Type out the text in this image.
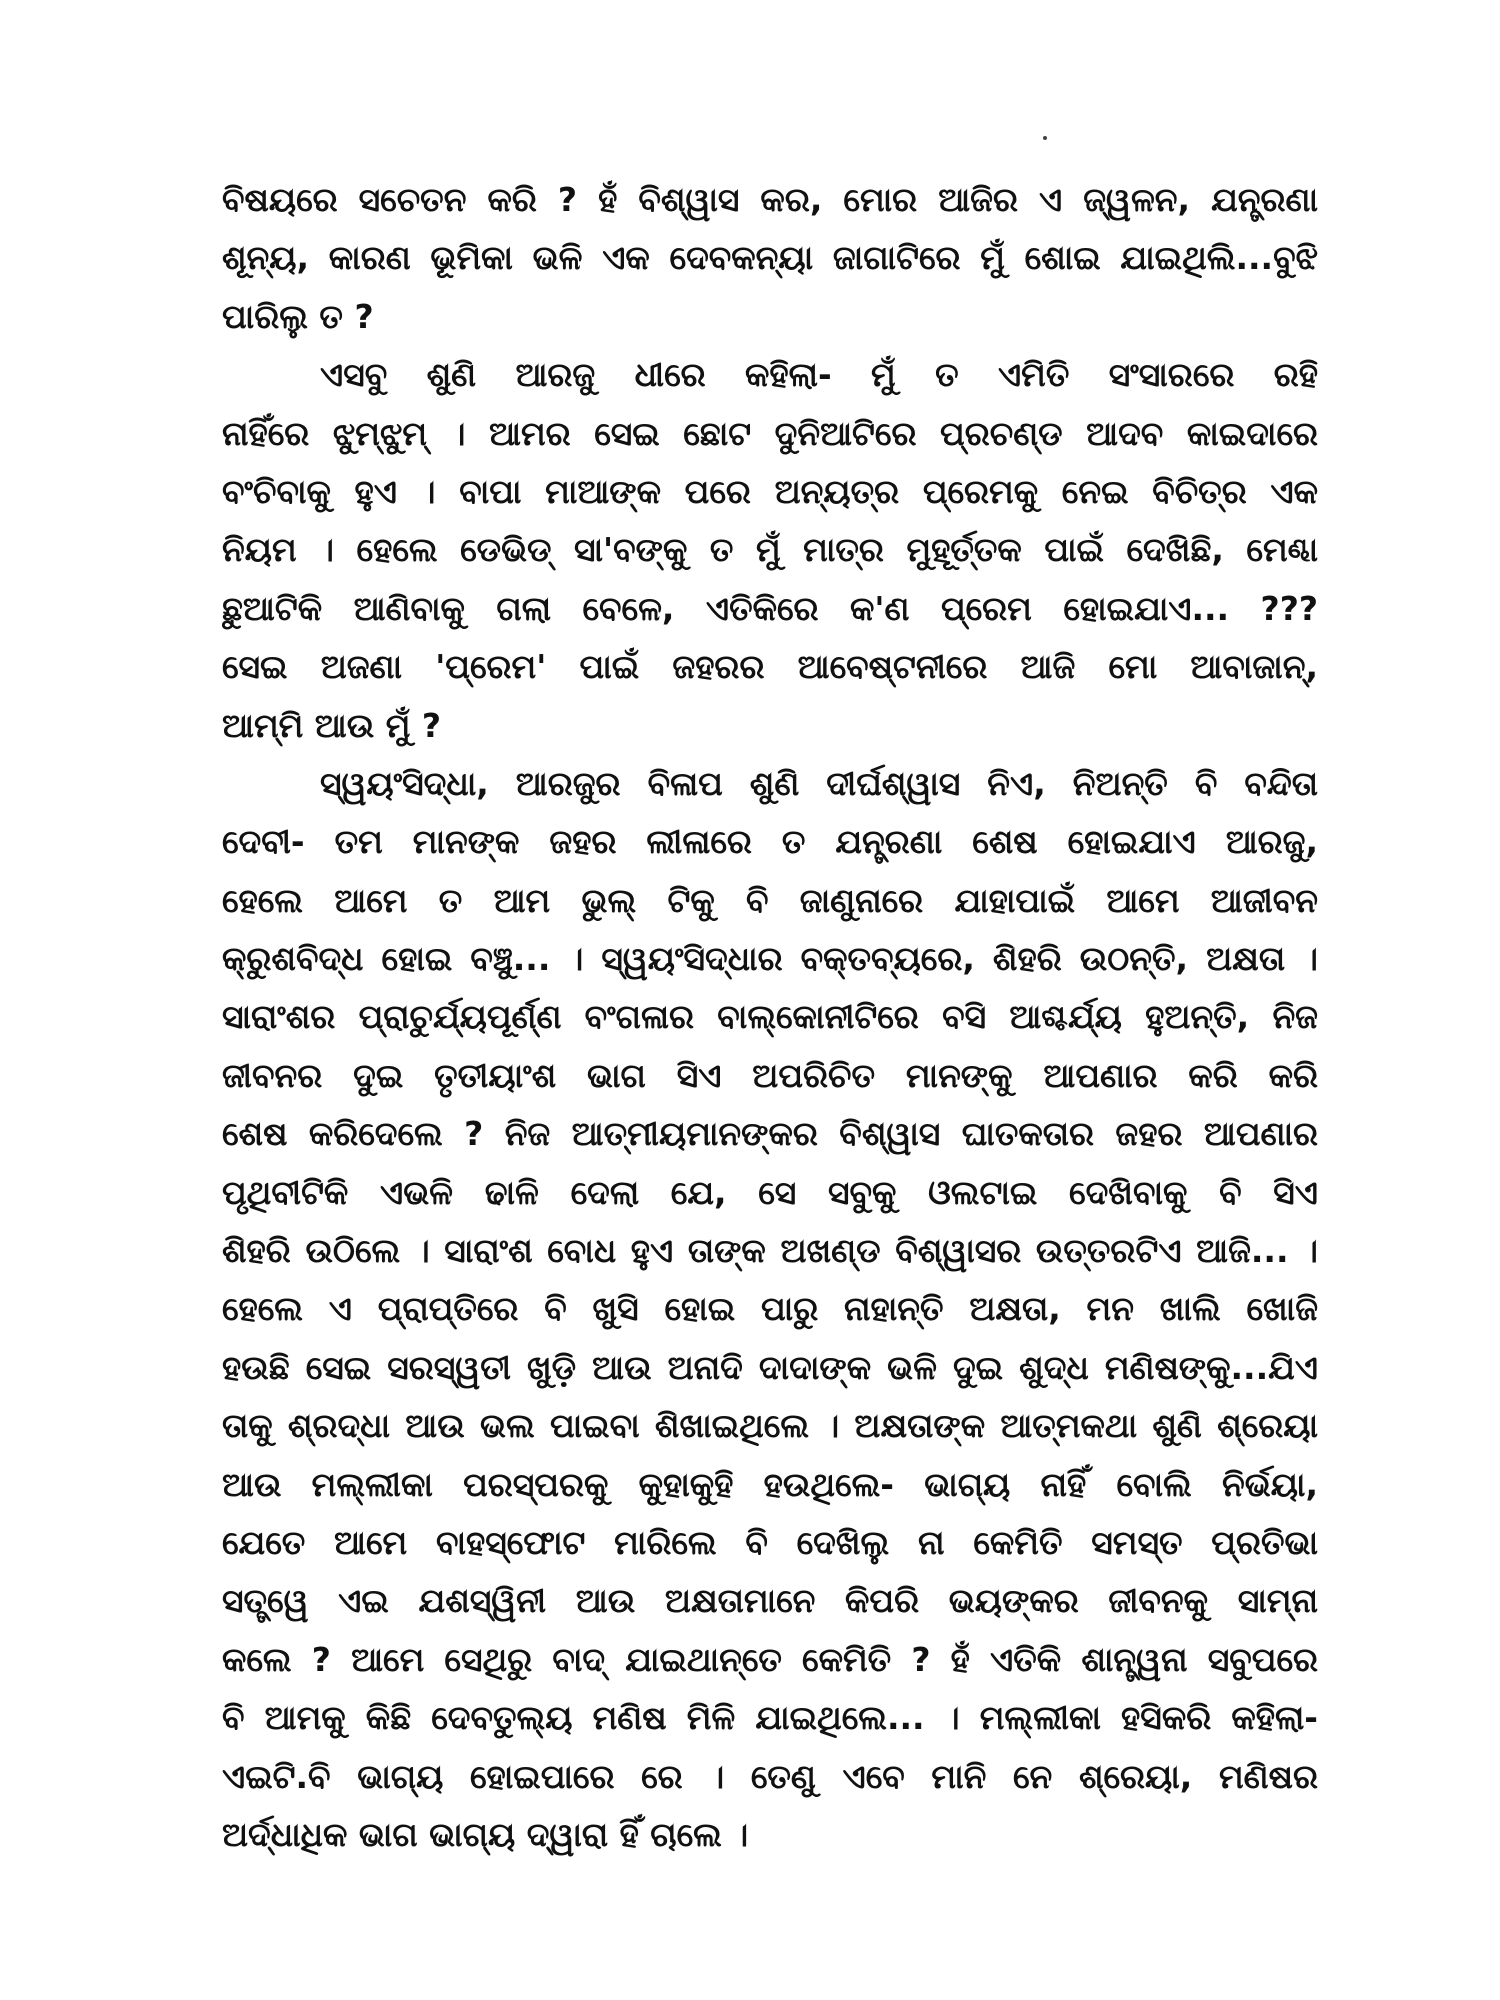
ବିଷୟରେ ସଚେତନ କରି ? ହଁ ବିଶ୍ୱାସ କର, ମୋର ଆଜିର ଏ ଜ୍ୱଳନ, ଯନ୍ତ୍ରଣା
ଶୂନ୍ୟ, କାରଣ ଭୂମିକା ଭଳି ଏକ ଦେବକନ୍ୟା ଜାଗାଟିରେ ମୁଁ ଶୋଇ ଯାଇଥିଲି...ବୁଝି
ପାରିଲୁ ତ ?
ଏସବୁ ଶୁଣି ଆରଜୁ ଧୀରେ କହିଲା- ମୁଁ ତ ଏମିତି ସଂସାରରେ ରହି
ନାହିଁରେ ଝୁମ୍‌ଝୁମ୍ । ଆମର ସେଇ ଛୋଟ ଦୁନିଆଟିରେ ପ୍ରଚଣ୍ଡ ଆଦବ କାଇଦାରେ
ବଂଚିବାକୁ ହୁଏ । ବାପା ମାଆଙ୍କ ପରେ ଅନ୍ୟତ୍ର ପ୍ରେମକୁ ନେଇ ବିଚିତ୍ର ଏକ
ନିୟମ । ହେଲେ ଡେଭିଡ୍ ସା'ବଙ୍କୁ ତ ମୁଁ ମାତ୍ର ମୁହୂର୍ତ୍ତକ ପାଇଁ ଦେଖିଛି, ମେଣ୍ଢା
ଛୁଆଟିକି ଆଣିବାକୁ ଗଲା ବେଳେ, ଏତିକିରେ କ'ଣ ପ୍ରେମ ହୋଇଯାଏ... ???
ସେଇ ଅଜଣା 'ପ୍ରେମ' ପାଇଁ ଜହରର ଆବେଷ୍ଟନୀରେ ଆଜି ମୋ ଆବାଜାନ୍,
ଆମ୍ମି ଆଉ ମୁଁ ?
ସ୍ୱୟଂସିଦ୍ଧା, ଆରଜୁର ବିଳାପ ଶୁଣି ଦୀର୍ଘଶ୍ୱାସ ନିଏ, ନିଅନ୍ତି ବି ବନ୍ଦିତା
ଦେବୀ- ତମ ମାନଙ୍କ ଜହର ଲୀଳାରେ ତ ଯନ୍ତ୍ରଣା ଶେଷ ହୋଇଯାଏ ଆରଜୁ,
ହେଲେ ଆମେ ତ ଆମ ଭୁଲ୍ ଟିକୁ ବି ଜାଣୁନାରେ ଯାହାପାଇଁ ଆମେ ଆଜୀବନ
କ୍ରୁଶବିଦ୍ଧ ହୋଇ ବଞ୍ଚୁ... । ସ୍ୱୟଂସିଦ୍ଧାର ବକ୍ତବ୍ୟରେ, ଶିହରି ଉଠନ୍ତି, ଅକ୍ଷତା ।
ସାରାଂଶର ପ୍ରାଚୁର୍ଯ୍ୟପୂର୍ଣ୍ଣ ବଂଗଳାର ବାଲ୍‌କୋନୀଟିରେ ବସି ଆଶ୍ଚର୍ଯ୍ୟ ହୁଅନ୍ତି, ନିଜ
ଜୀବନର ଦୁଇ ତୃତୀୟାଂଶ ଭାଗ ସିଏ ଅପରିଚିତ ମାନଙ୍କୁ ଆପଣାର କରି କରି
ଶେଷ କରିଦେଲେ ? ନିଜ ଆତ୍ମୀୟମାନଙ୍କର ବିଶ୍ୱାସ ଘାତକତାର ଜହର ଆପଣାର
ପୃଥିବୀଟିକି ଏଭଳି ଢାଳି ଦେଲା ଯେ, ସେ ସବୁକୁ ଓଲଟାଇ ଦେଖିବାକୁ ବି ସିଏ
ଶିହରି ଉଠିଲେ । ସାରାଂଶ ବୋଧ ହୁଏ ତାଙ୍କ ଅଖଣ୍ଡ ବିଶ୍ୱାସର ଉତ୍ତରଟିଏ ଆଜି... ।
ହେଲେ ଏ ପ୍ରାପ୍ତିରେ ବି ଖୁସି ହୋଇ ପାରୁ ନାହାନ୍ତି ଅକ୍ଷତା, ମନ ଖାଲି ଖୋଜି
ହଉଛି ସେଇ ସରସ୍ୱତୀ ଖୁଡ଼ି ଆଉ ଅନାଦି ଦାଦାଙ୍କ ଭଳି ଦୁଇ ଶୁଦ୍ଧ ମଣିଷଙ୍କୁ...ଯିଏ
ତାକୁ ଶ୍ରଦ୍ଧା ଆଉ ଭଲ ପାଇବା ଶିଖାଇଥିଲେ । ଅକ୍ଷତାଙ୍କ ଆତ୍ମକଥା ଶୁଣି ଶ୍ରେୟା
ଆଉ ମଲ୍ଲୀକା ପରସ୍ପରକୁ କୁହାକୁହି ହଉଥିଲେ- ଭାଗ୍ୟ ନାହିଁ ବୋଲି ନିର୍ଭୟା,
ଯେତେ ଆମେ ବାହସ୍ଫୋଟ ମାରିଲେ ବି ଦେଖିଲୁ ନା କେମିତି ସମସ୍ତ ପ୍ରତିଭା
ସତ୍ତ୍ୱେ ଏଇ ଯଶସ୍ୱିନୀ ଆଉ ଅକ୍ଷତାମାନେ କିପରି ଭୟଙ୍କର ଜୀବନକୁ ସାମ୍ନା
କଲେ ? ଆମେ ସେଥିରୁ ବାଦ୍ ଯାଇଥାନ୍ତେ କେମିତି ? ହଁ ଏତିକି ଶାନ୍ତ୍ୱନା ସବୁପରେ
ବି ଆମକୁ କିଛି ଦେବତୁଲ୍ୟ ମଣିଷ ମିଳି ଯାଇଥିଲେ... । ମଲ୍ଲୀକା ହସିକରି କହିଲା-
ଏଇଟି.ବି ଭାଗ୍ୟ ହୋଇପାରେ ରେ । ତେଣୁ ଏବେ ମାନି ନେ ଶ୍ରେୟା, ମଣିଷର
ଅର୍ଦ୍ଧାଧିକ ଭାଗ ଭାଗ୍ୟ ଦ୍ୱାରା ହିଁ ଚାଲେ ।
